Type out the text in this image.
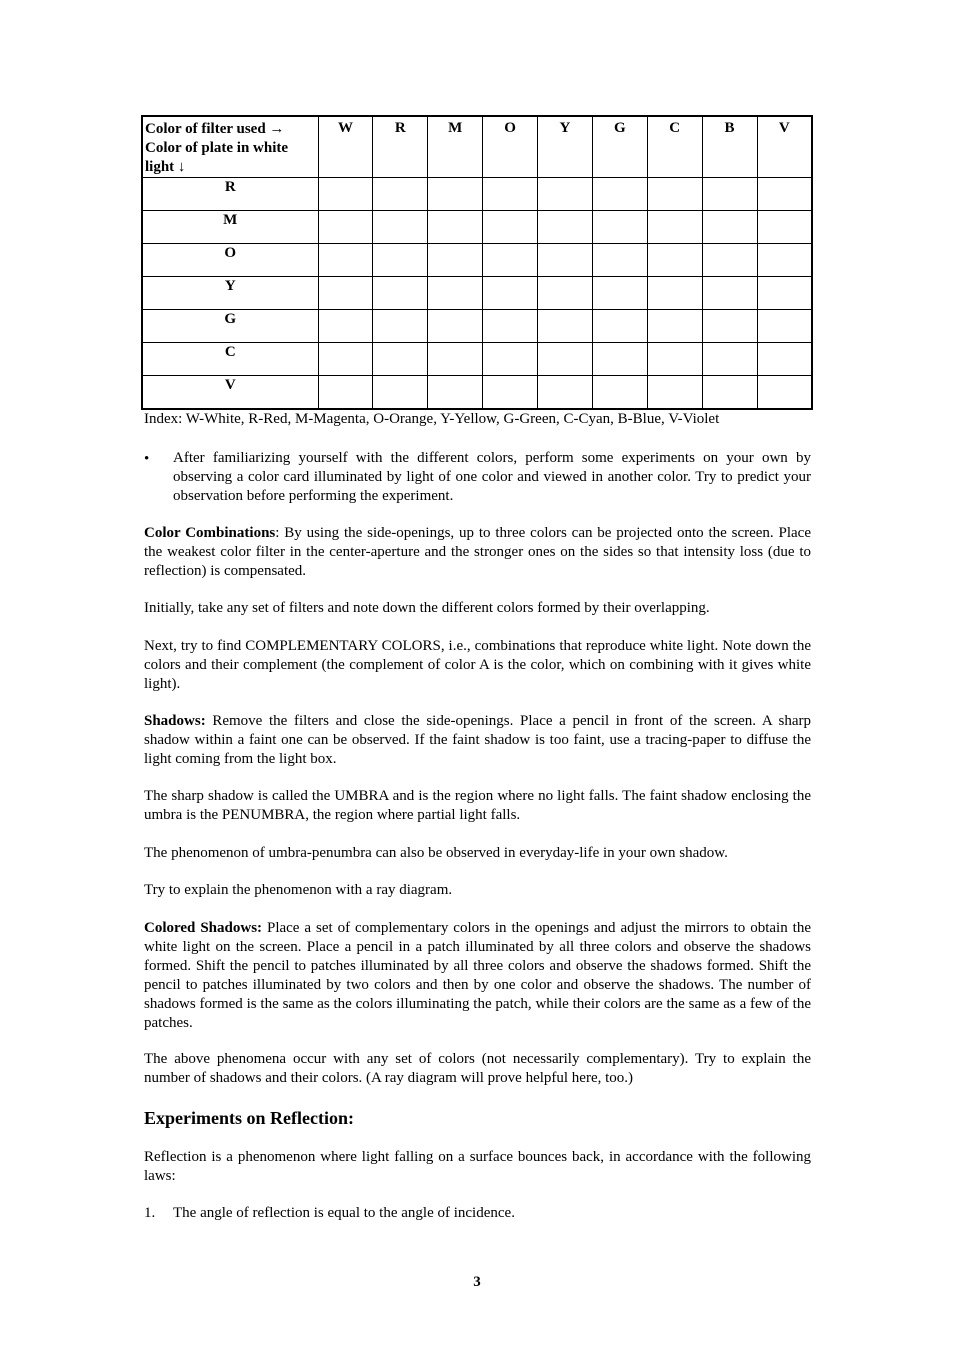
Color of filter used →
Color of plate in white
light ↓	W	R	M	O	Y	G	C	B	V
R									
M									
O									
Y									
G									
C									
V									
Index: W-White, R-Red, M-Magenta, O-Orange, Y-Yellow, G-Green, C-Cyan, B-Blue, V-Violet
• After familiarizing yourself with the different colors, perform some experiments on your own by observing a color card illuminated by light of one color and viewed in another color. Try to predict your observation before performing the experiment.

Color Combinations: By using the side-openings, up to three colors can be projected onto the screen. Place the weakest color filter in the center-aperture and the stronger ones on the sides so that intensity loss (due to reflection) is compensated.

Initially, take any set of filters and note down the different colors formed by their overlapping.

Next, try to find COMPLEMENTARY COLORS, i.e., combinations that reproduce white light. Note down the colors and their complement (the complement of color A is the color, which on combining with it gives white light).

Shadows: Remove the filters and close the side-openings. Place a pencil in front of the screen. A sharp shadow within a faint one can be observed. If the faint shadow is too faint, use a tracing-paper to diffuse the light coming from the light box.

The sharp shadow is called the UMBRA and is the region where no light falls. The faint shadow enclosing the umbra is the PENUMBRA, the region where partial light falls.

The phenomenon of umbra-penumbra can also be observed in everyday-life in your own shadow.

Try to explain the phenomenon with a ray diagram.

Colored Shadows: Place a set of complementary colors in the openings and adjust the mirrors to obtain the white light on the screen. Place a pencil in a patch illuminated by all three colors and observe the shadows formed. Shift the pencil to patches illuminated by all three colors and observe the shadows formed. Shift the pencil to patches illuminated by two colors and then by one color and observe the shadows. The number of shadows formed is the same as the colors illuminating the patch, while their colors are the same as a few of the patches.

The above phenomena occur with any set of colors (not necessarily complementary). Try to explain the number of shadows and their colors. (A ray diagram will prove helpful here, too.)

Experiments on Reflection:

Reflection is a phenomenon where light falling on a surface bounces back, in accordance with the following laws:

1. The angle of reflection is equal to the angle of incidence.
3
